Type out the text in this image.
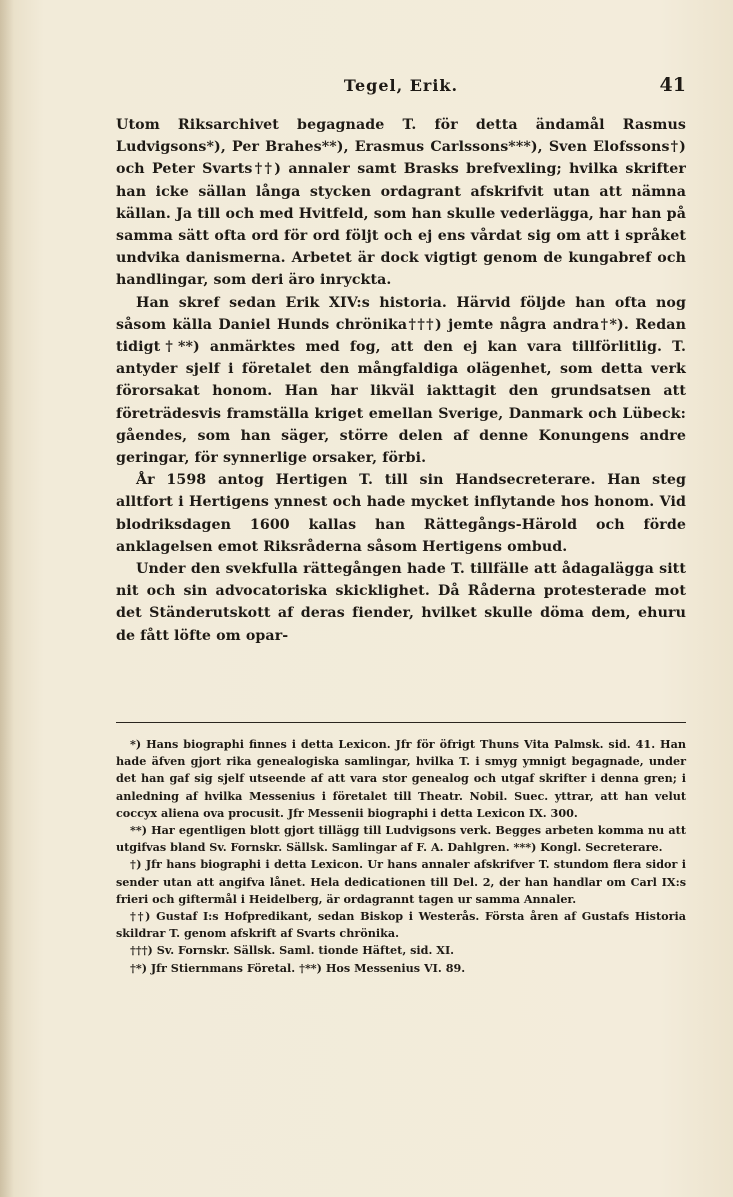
Tegel, Erik.	41

Utom Riksarchivet begagnade T. för detta ändamål Rasmus Ludvigsons*), Per Brahes**), Erasmus Carlssons***), Sven Elofssons†) och Peter Svarts††) annaler samt Brasks brefvexling; hvilka skrifter han icke sällan långa stycken ordagrant afskrifvit utan att nämna källan. Ja till och med Hvitfeld, som han skulle vederlägga, har han på samma sätt ofta ord för ord följt och ej ens vårdat sig om att i språket undvika danismerna. Arbetet är dock vigtigt genom de kungabref och handlingar, som deri äro inryckta.

Han skref sedan Erik XIV:s historia. Härvid följde han ofta nog såsom källa Daniel Hunds chrönika†††) jemte några andra†*). Redan tidigt†**) anmärktes med fog, att den ej kan vara tillförlitlig. T. antyder sjelf i företalet den mångfaldiga olägenhet, som detta verk förorsakat honom. Han har likväl iakttagit den grundsatsen att företrädesvis framställa kriget emellan Sverige, Danmark och Lübeck: gåendes, som han säger, större delen af denne Konungens andre geringar, för synnerlige orsaker, förbi.

År 1598 antog Hertigen T. till sin Handsecreterare. Han steg alltfort i Hertigens ynnest och hade mycket inflytande hos honom. Vid blodriksdagen 1600 kallas han Rättegångs-Härold och förde anklagelsen emot Riksråderna såsom Hertigens ombud.

Under den svekfulla rättegången hade T. tillfälle att ådagalägga sitt nit och sin advocatoriska skicklighet. Då Råderna protesterade mot det Ständerutskott af deras fiender, hvilket skulle döma dem, ehuru de fått löfte om opar-

*) Hans biographi finnes i detta Lexicon. Jfr för öfrigt Thuns Vita Palmsk. sid. 41. Han hade äfven gjort rika genealogiska samlingar, hvilka T. i smyg ymnigt begagnade, under det han gaf sig sjelf utseende af att vara stor genealog och utgaf skrifter i denna gren; i anledning af hvilka Messenius i företalet till Theatr. Nobil. Suec. yttrar, att han velut coccyx aliena ova procusit. Jfr Messenii biographi i detta Lexicon IX. 300.

**) Har egentligen blott gjort tillägg till Ludvigsons verk. Begges arbeten komma nu att utgifvas bland Sv. Fornskr. Sällsk. Samlingar af F. A. Dahlgren. ***) Kongl. Secreterare.

†) Jfr hans biographi i detta Lexicon. Ur hans annaler afskrifver T. stundom flera sidor i sender utan att angifva lånet. Hela dedicationen till Del. 2, der han handlar om Carl IX:s frieri och giftermål i Heidelberg, är ordagrannt tagen ur samma Annaler.

††) Gustaf I:s Hofpredikant, sedan Biskop i Westerås. Första åren af Gustafs Historia skildrar T. genom afskrift af Svarts chrönika.

†††) Sv. Fornskr. Sällsk. Saml. tionde Häftet, sid. XI.

†*) Jfr Stiernmans Företal. †**) Hos Messenius VI. 89.
